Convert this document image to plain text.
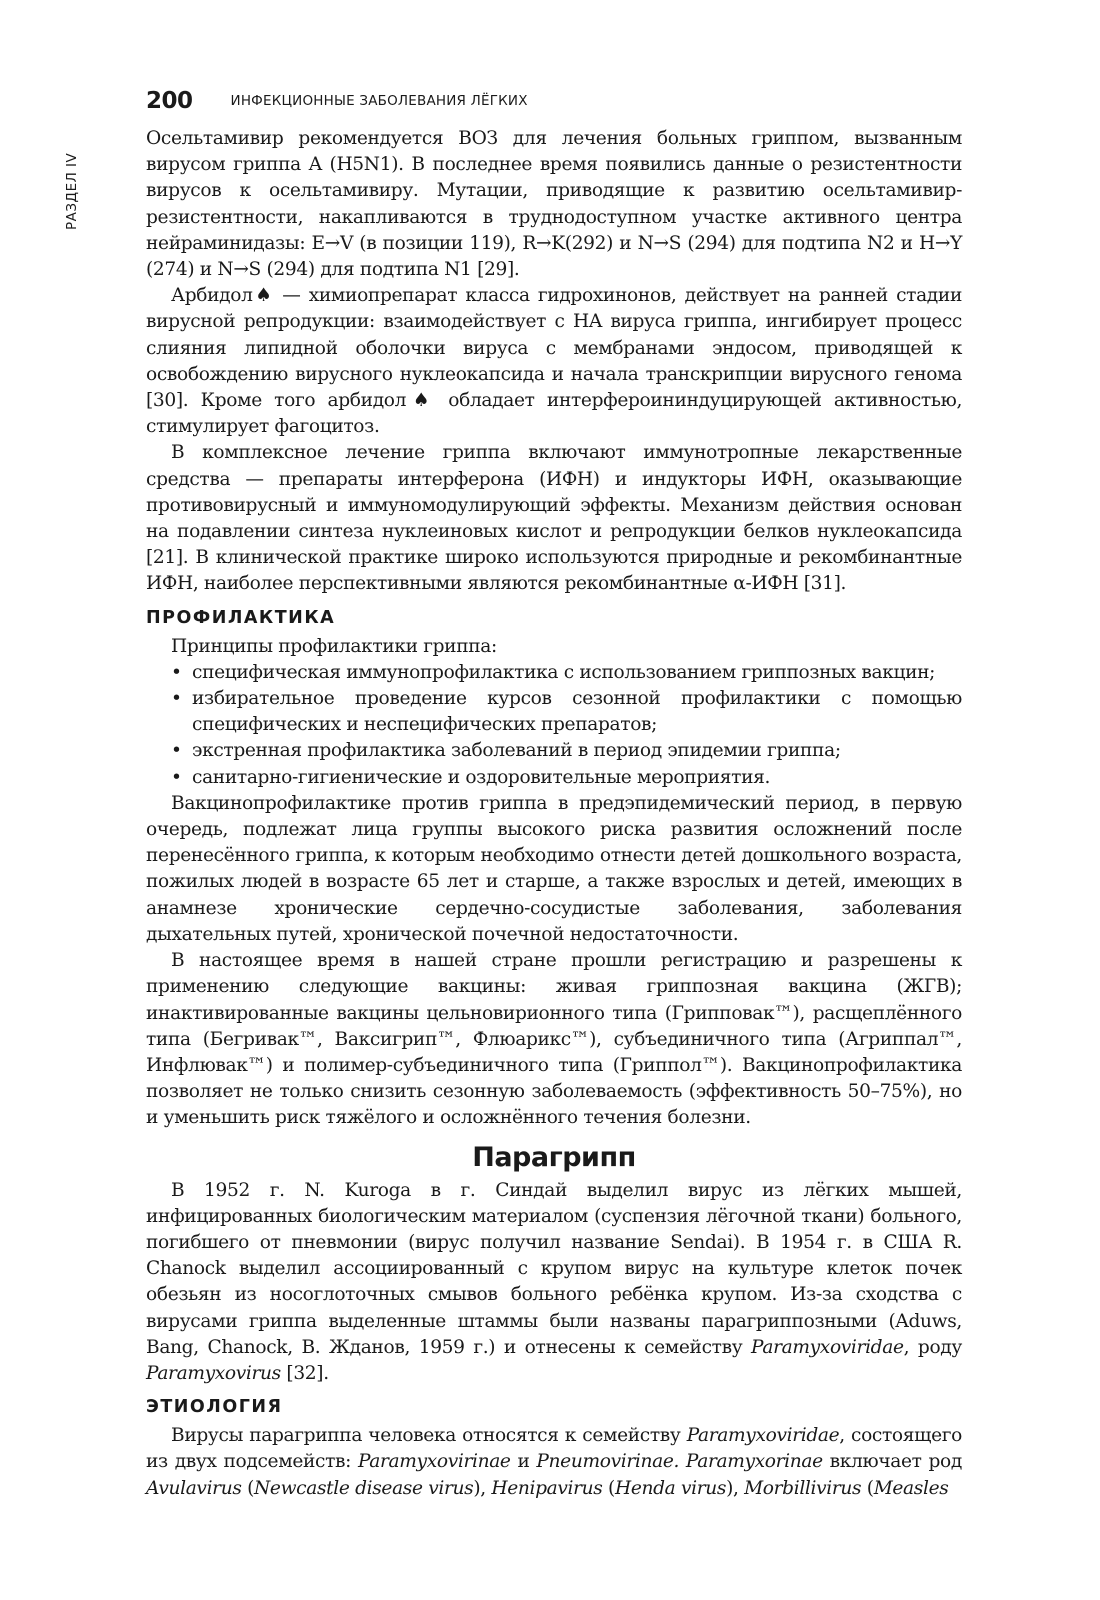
РАЗДЕЛ IV
200	ИНФЕКЦИОННЫЕ ЗАБОЛЕВАНИЯ ЛЁГКИХ

Осельтамивир рекомендуется ВОЗ для лечения больных гриппом, вызванным вирусом гриппа A (H5N1). В последнее время появились данные о резистентности вирусов к осельтамивиру. Мутации, приводящие к развитию осельтамивир-резистентности, накапливаются в труднодоступном участке активного центра нейраминидазы: E→V (в позиции 119), R→K(292) и N→S (294) для подтипа N2 и H→Y (274) и N→S (294) для подтипа N1 [29].

Арбидол♠ — химиопрепарат класса гидрохинонов, действует на ранней стадии вирусной репродукции: взаимодействует с HA вируса гриппа, ингибирует процесс слияния липидной оболочки вируса с мембранами эндосом, приводящей к освобождению вирусного нуклеокапсида и начала транскрипции вирусного генома [30]. Кроме того арбидол♠ обладает интерфероининдуцирующей активностью, стимулирует фагоцитоз.

В комплексное лечение гриппа включают иммунотропные лекарственные средства — препараты интерферона (ИФН) и индукторы ИФН, оказывающие противовирусный и иммуномодулирующий эффекты. Механизм действия основан на подавлении синтеза нуклеиновых кислот и репродукции белков нуклеокапсида [21]. В клинической практике широко используются природные и рекомбинантные ИФН, наиболее перспективными являются рекомбинантные α-ИФН [31].

ПРОФИЛАКТИКА

Принципы профилактики гриппа:

• специфическая иммунопрофилактика с использованием гриппозных вакцин;
• избирательное проведение курсов сезонной профилактики с помощью специфических и неспецифических препаратов;
• экстренная профилактика заболеваний в период эпидемии гриппа;
• санитарно-гигиенические и оздоровительные мероприятия.

Вакцинопрофилактике против гриппа в предэпидемический период, в первую очередь, подлежат лица группы высокого риска развития осложнений после перенесённого гриппа, к которым необходимо отнести детей дошкольного возраста, пожилых людей в возрасте 65 лет и старше, а также взрослых и детей, имеющих в анамнезе хронические сердечно-сосудистые заболевания, заболевания дыхательных путей, хронической почечной недостаточности.

В настоящее время в нашей стране прошли регистрацию и разрешены к применению следующие вакцины: живая гриппозная вакцина (ЖГВ); инактивированные вакцины цельновирионного типа (Грипповак™), расщеплённого типа (Бегривак™, Ваксигрип™, Флюарикс™), субъединичного типа (Агриппал™, Инфлювак™) и полимер-субъединичного типа (Гриппол™). Вакцинопрофилактика позволяет не только снизить сезонную заболеваемость (эффективность 50–75%), но и уменьшить риск тяжёлого и осложнённого течения болезни.

Парагрипп

В 1952 г. N. Kuroga в г. Синдай выделил вирус из лёгких мышей, инфицированных биологическим материалом (суспензия лёгочной ткани) больного, погибшего от пневмонии (вирус получил название Sendai). В 1954 г. в США R. Chanock выделил ассоциированный с крупом вирус на культуре клеток почек обезьян из носоглоточных смывов больного ребёнка крупом. Из-за сходства с вирусами гриппа выделенные штаммы были названы парагриппозными (Aduws, Bang, Chanock, В. Жданов, 1959 г.) и отнесены к семейству Paramyxoviridae, роду Paramyxovirus [32].

ЭТИОЛОГИЯ

Вирусы парагриппа человека относятся к семейству Paramyxoviridae, состоящего из двух подсемейств: Paramyxovirinae и Pneumovirinae. Paramyxorinae включает род Avulavirus (Newcastle disease virus), Henipavirus (Henda virus), Morbillivirus (Measles
